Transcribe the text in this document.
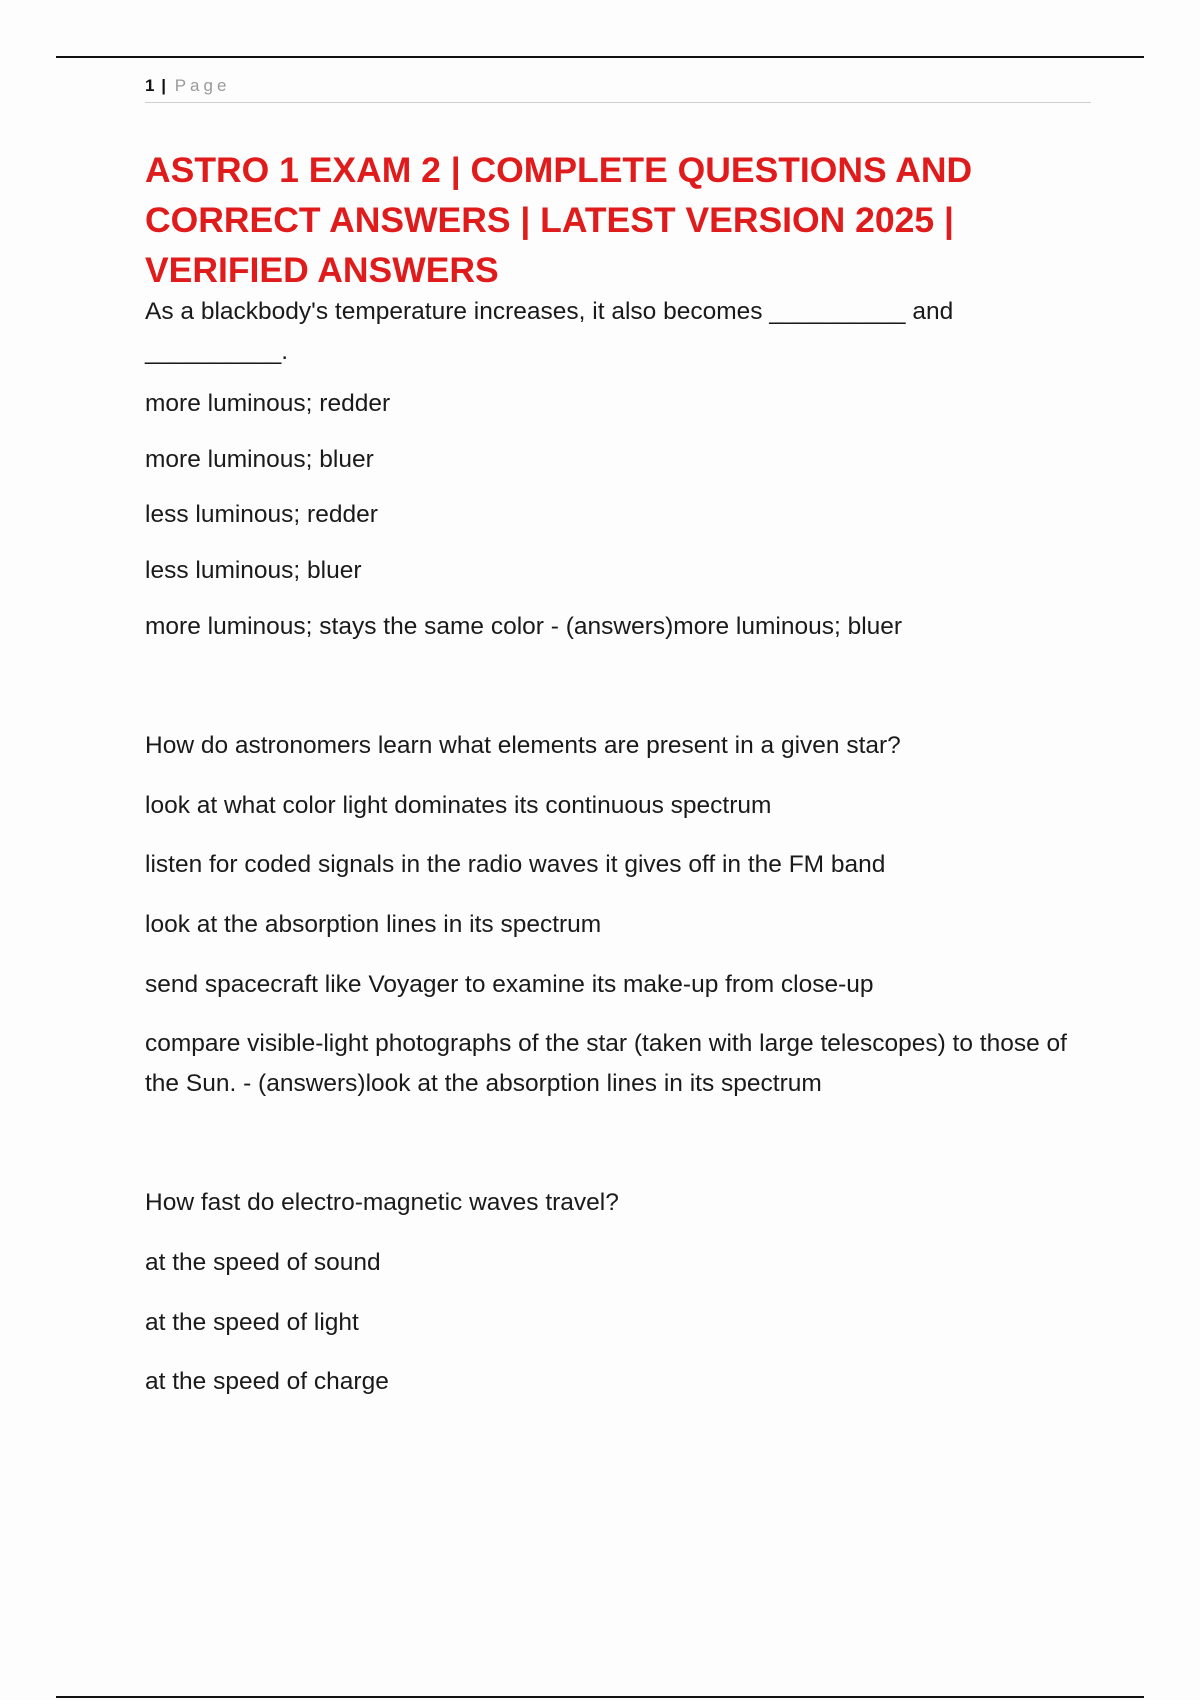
1 | Page
ASTRO 1 EXAM 2 | COMPLETE QUESTIONS AND CORRECT ANSWERS | LATEST VERSION 2025 | VERIFIED ANSWERS

As a blackbody's temperature increases, it also becomes __________ and __________.

more luminous; redder

more luminous; bluer

less luminous; redder

less luminous; bluer

more luminous; stays the same color - (answers)more luminous; bluer

How do astronomers learn what elements are present in a given star?

look at what color light dominates its continuous spectrum

listen for coded signals in the radio waves it gives off in the FM band

look at the absorption lines in its spectrum

send spacecraft like Voyager to examine its make-up from close-up

compare visible-light photographs of the star (taken with large telescopes) to those of the Sun. - (answers)look at the absorption lines in its spectrum

How fast do electro-magnetic waves travel?

at the speed of sound

at the speed of light

at the speed of charge
